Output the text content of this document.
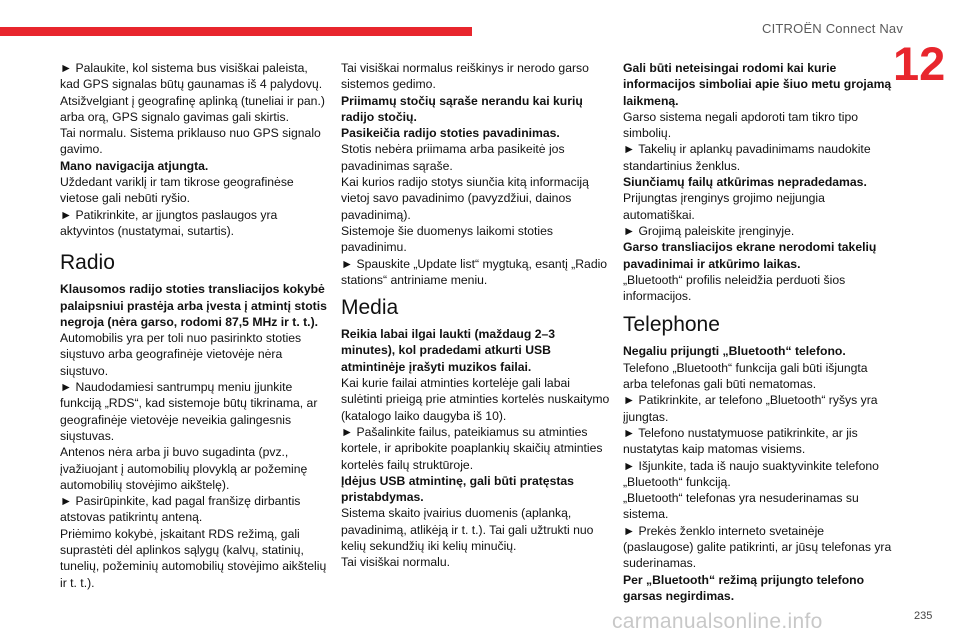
CITROËN Connect Nav
12

► Palaukite, kol sistema bus visiškai paleista, kad GPS signalas būtų gaunamas iš 4 palydovų.

Atsižvelgiant į geografinę aplinką (tuneliai ir pan.) arba orą, GPS signalo gavimas gali skirtis.

Tai normalu. Sistema priklauso nuo GPS signalo gavimo.

Mano navigacija atjungta.

Uždedant variklį ir tam tikrose geografinėse vietose gali nebūti ryšio.

► Patikrinkite, ar įjungtos paslaugos yra aktyvintos (nustatymai, sutartis).

Radio

Klausomos radijo stoties transliacijos kokybė palaipsniui prastėja arba įvesta į atmintį stotis negroja (nėra garso, rodomi 87,5 MHz ir t. t.).

Automobilis yra per toli nuo pasirinkto stoties siųstuvo arba geografinėje vietovėje nėra siųstuvo.

► Naudodamiesi santrumpų meniu įjunkite funkciją „RDS“, kad sistemoje būtų tikrinama, ar geografinėje vietovėje neveikia galingesnis siųstuvas.

Antenos nėra arba ji buvo sugadinta (pvz., įvažiuojant į automobilių plovyklą ar požeminę automobilių stovėjimo aikštelę).

► Pasirūpinkite, kad pagal franšizę dirbantis atstovas patikrintų anteną.

Priėmimo kokybė, įskaitant RDS režimą, gali suprastėti dėl aplinkos sąlygų (kalvų, statinių, tunelių, požeminių automobilių stovėjimo aikštelių ir t. t.).

Tai visiškai normalus reiškinys ir nerodo garso sistemos gedimo.

Priimamų stočių sąraše nerandu kai kurių radijo stočių.

Pasikeičia radijo stoties pavadinimas.

Stotis nebėra priimama arba pasikeitė jos pavadinimas sąraše.

Kai kurios radijo stotys siunčia kitą informaciją vietoj savo pavadinimo (pavyzdžiui, dainos pavadinimą).

Sistemoje šie duomenys laikomi stoties pavadinimu.

► Spauskite „Update list“ mygtuką, esantį „Radio stations“ antriniame meniu.

Media

Reikia labai ilgai laukti (maždaug 2–3 minutes), kol pradedami atkurti USB atmintinėje įrašyti muzikos failai.

Kai kurie failai atminties kortelėje gali labai sulėtinti prieigą prie atminties kortelės nuskaitymo (katalogo laiko daugyba iš 10).

► Pašalinkite failus, pateikiamus su atminties kortele, ir apribokite poaplankių skaičių atminties kortelės failų struktūroje.

Įdėjus USB atmintinę, gali būti pratęstas pristabdymas.

Sistema skaito įvairius duomenis (aplanką, pavadinimą, atlikėją ir t. t.). Tai gali užtrukti nuo kelių sekundžių iki kelių minučių.

Tai visiškai normalu.

Gali būti neteisingai rodomi kai kurie informacijos simboliai apie šiuo metu grojamą laikmeną.

Garso sistema negali apdoroti tam tikro tipo simbolių.

► Takelių ir aplankų pavadinimams naudokite standartinius ženklus.

Siunčiamų failų atkūrimas nepradedamas.

Prijungtas įrenginys grojimo neįjungia automatiškai.

► Grojimą paleiskite įrenginyje.

Garso transliacijos ekrane nerodomi takelių pavadinimai ir atkūrimo laikas.

„Bluetooth“ profilis neleidžia perduoti šios informacijos.

Telephone

Negaliu prijungti „Bluetooth“ telefono.

Telefono „Bluetooth“ funkcija gali būti išjungta arba telefonas gali būti nematomas.

► Patikrinkite, ar telefono „Bluetooth“ ryšys yra įjungtas.

► Telefono nustatymuose patikrinkite, ar jis nustatytas kaip matomas visiems.

► Išjunkite, tada iš naujo suaktyvinkite telefono „Bluetooth“ funkciją.

„Bluetooth“ telefonas yra nesuderinamas su sistema.

► Prekės ženklo interneto svetainėje (paslaugose) galite patikrinti, ar jūsų telefonas yra suderinamas.

Per „Bluetooth“ režimą prijungto telefono garsas negirdimas.

carmanualsonline.info	235
